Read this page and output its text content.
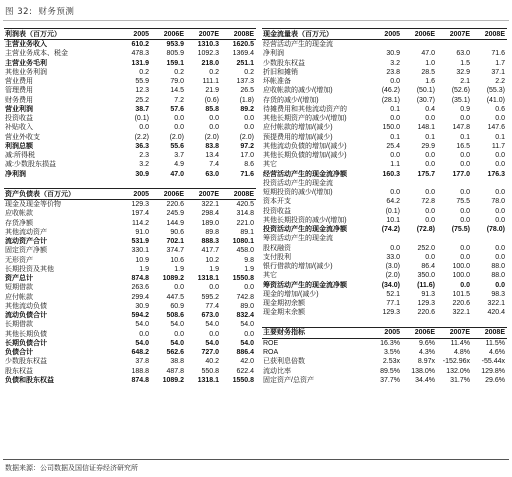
图 32: 财务预测
利润表（百万元）	2005	2006E	2007E	2008E
主营业务收入	610.2	953.9	1310.3	1620.5
主营业务成本、税金	478.3	805.9	1092.3	1369.4
主营业务毛利	131.9	159.1	218.0	251.1
其他业务利润	0.2	0.2	0.2	0.2
营业费用	55.9	79.0	111.1	137.3
管理费用	12.3	14.5	21.9	26.5
财务费用	25.2	7.2	(0.6)	(1.8)
营业利润	38.7	57.6	85.8	89.2
投资收益	(0.1)	0.0	0.0	0.0
补贴收入	0.0	0.0	0.0	0.0
营业外收支	(2.2)	(2.0)	(2.0)	(2.0)
利润总额	36.3	55.6	83.8	97.2
减:所得税	2.3	3.7	13.4	17.0
减:少数股东损益	3.2	4.9	7.4	8.6
净利润	30.9	47.0	63.0	71.6

资产负债表（百万元）	2005	2006E	2007E	2008E
现金及现金等价物	129.3	220.6	322.1	420.5
应收帐款	197.4	245.9	298.4	314.8
存货净额	114.2	144.9	189.0	221.0
其他流动资产	91.0	90.6	89.8	89.1
流动资产合计	531.9	702.1	888.3	1080.1
固定资产净额	330.1	374.7	417.7	458.0
无形资产	10.9	10.6	10.2	9.8
长期投资及其他	1.9	1.9	1.9	1.9
资产总计	874.8	1089.2	1318.1	1550.8
短期借款	263.6	0.0	0.0	0.0
应付帐款	299.4	447.5	595.2	742.8
其他流动负债	30.9	60.9	77.4	89.0
流动负债合计	594.2	508.6	673.0	832.4
长期借款	54.0	54.0	54.0	54.0
其他长期负债	0.0	0.0	0.0	0.0
长期负债合计	54.0	54.0	54.0	54.0
负债合计	648.2	562.6	727.0	886.4
少数股东权益	37.8	38.8	40.2	42.0
股东权益	188.8	487.8	550.8	622.4
负债和股东权益	874.8	1089.2	1318.1	1550.8
现金流量表（百万元）	2005	2006E	2007E	2008E
经营活动产生的现金流				
净利润	30.9	47.0	63.0	71.6
少数股东权益	3.2	1.0	1.5	1.7
折旧和摊销	23.8	28.5	32.9	37.1
坏帐准备	0.0	1.6	2.1	2.2
应收帐款的减少/(增加)	(46.2)	(50.1)	(52.6)	(55.3)
存货的减少/(增加)	(28.1)	(30.7)	(35.1)	(41.0)
待摊费用和其他流动资产的	0.1	0.4	0.9	0.6
其他长期资产的减少/(增加)	0.0	0.0	0.0	0.0
应付帐款的增加/(减少)	150.0	148.1	147.8	147.6
预提费用的增加/(减少)	0.1	0.1	0.1	0.1
其他流动负债的增加/(减少)	25.4	29.9	16.5	11.7
其他长期负债的增加/(减少)	0.0	0.0	0.0	0.0
其它	1.1	0.0	0.0	0.0
经营活动产生的现金流净额	160.3	175.7	177.0	176.3
投资活动产生的现金流				
短期投资的减少/(增加)	0.0	0.0	0.0	0.0
资本开支	64.2	72.8	75.5	78.0
投资收益	(0.1)	0.0	0.0	0.0
其他长期投资的减少/(增加)	10.1	0.0	0.0	0.0
投资活动产生的现金流净额	(74.2)	(72.8)	(75.5)	(78.0)
筹资活动产生的现金流				
股权融资	0.0	252.0	0.0	0.0
支付股利	33.0	0.0	0.0	0.0
银行借款的增加/(减少)	(3.0)	86.4	100.0	88.0
其它	(2.0)	350.0	100.0	88.0
筹资活动产生的现金流净额	(34.0)	(11.6)	0.0	0.0
现金的增加/(减少)	52.1	91.3	101.5	98.3
现金期初余额	77.1	129.3	220.6	322.1
现金期末余额	129.3	220.6	322.1	420.4

主要财务指标	2005	2006E	2007E	2008E
ROE	16.3%	9.6%	11.4%	11.5%
ROA	3.5%	4.3%	4.8%	4.6%
已获利息倍数	2.53x	8.97x	-152.96x	-55.44x
流动比率	89.5%	138.0%	132.0%	129.8%
固定资产/总资产	37.7%	34.4%	31.7%	29.6%
数据来源：公司数据及国信证券经济研究所
